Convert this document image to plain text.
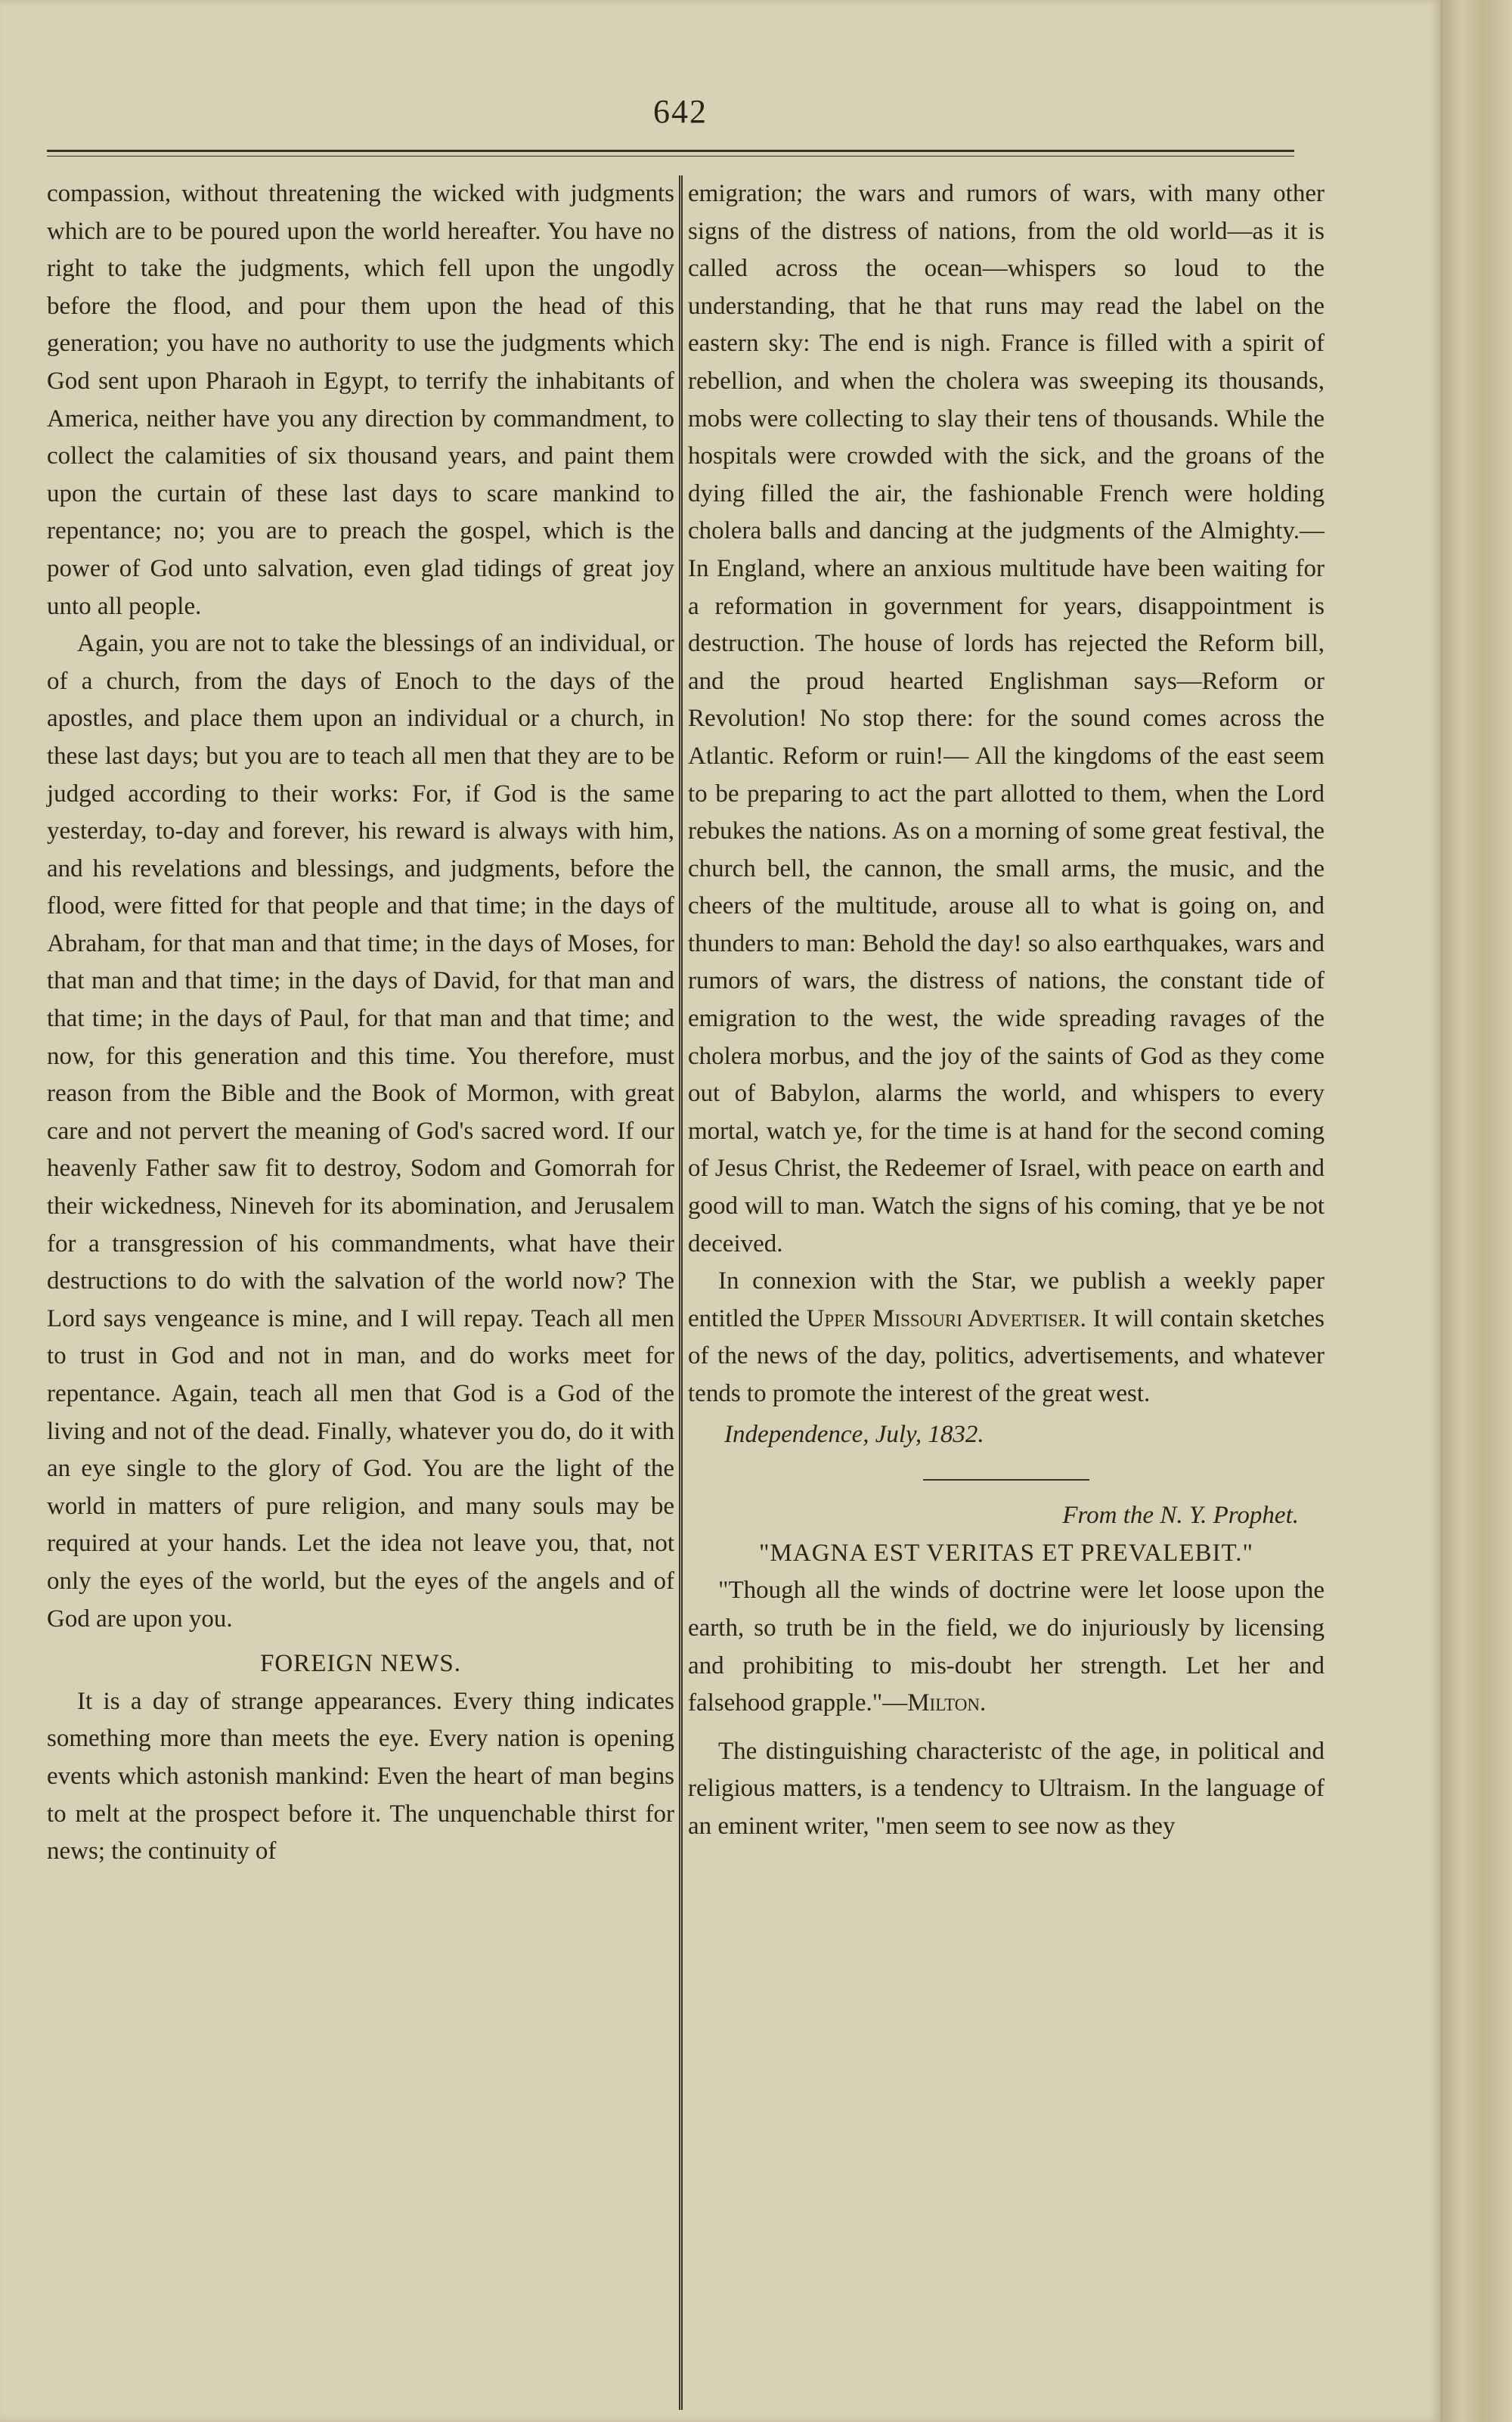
642

compassion, without threatening the wicked with judgments which are to be poured upon the world hereafter. You have no right to take the judgments, which fell upon the ungodly before the flood, and pour them upon the head of this generation; you have no authority to use the judgments which God sent upon Pharaoh in Egypt, to terrify the inhabitants of America, neither have you any direction by commandment, to collect the calamities of six thousand years, and paint them upon the curtain of these last days to scare mankind to repentance; no; you are to preach the gospel, which is the power of God unto salvation, even glad tidings of great joy unto all people.

Again, you are not to take the blessings of an individual, or of a church, from the days of Enoch to the days of the apostles, and place them upon an individual or a church, in these last days; but you are to teach all men that they are to be judged according to their works: For, if God is the same yesterday, to-day and forever, his reward is always with him, and his revelations and blessings, and judgments, before the flood, were fitted for that people and that time; in the days of Abraham, for that man and that time; in the days of Moses, for that man and that time; in the days of David, for that man and that time; in the days of Paul, for that man and that time; and now, for this generation and this time. You therefore, must reason from the Bible and the Book of Mormon, with great care and not pervert the meaning of God's sacred word. If our heavenly Father saw fit to destroy, Sodom and Gomorrah for their wickedness, Nineveh for its abomination, and Jerusalem for a transgression of his commandments, what have their destructions to do with the salvation of the world now? The Lord says vengeance is mine, and I will repay. Teach all men to trust in God and not in man, and do works meet for repentance. Again, teach all men that God is a God of the living and not of the dead. Finally, whatever you do, do it with an eye single to the glory of God. You are the light of the world in matters of pure religion, and many souls may be required at your hands. Let the idea not leave you, that, not only the eyes of the world, but the eyes of the angels and of God are upon you.

FOREIGN NEWS.

It is a day of strange appearances. Every thing indicates something more than meets the eye. Every nation is opening events which astonish mankind: Even the heart of man begins to melt at the prospect before it. The unquenchable thirst for news; the continuity of

emigration; the wars and rumors of wars, with many other signs of the distress of nations, from the old world—as it is called across the ocean—whispers so loud to the understanding, that he that runs may read the label on the eastern sky: The end is nigh. France is filled with a spirit of rebellion, and when the cholera was sweeping its thousands, mobs were collecting to slay their tens of thousands. While the hospitals were crowded with the sick, and the groans of the dying filled the air, the fashionable French were holding cholera balls and dancing at the judgments of the Almighty.— In England, where an anxious multitude have been waiting for a reformation in government for years, disappointment is destruction. The house of lords has rejected the Reform bill, and the proud hearted Englishman says—Reform or Revolution! No stop there: for the sound comes across the Atlantic. Reform or ruin!— All the kingdoms of the east seem to be preparing to act the part allotted to them, when the Lord rebukes the nations. As on a morning of some great festival, the church bell, the cannon, the small arms, the music, and the cheers of the multitude, arouse all to what is going on, and thunders to man: Behold the day! so also earthquakes, wars and rumors of wars, the distress of nations, the constant tide of emigration to the west, the wide spreading ravages of the cholera morbus, and the joy of the saints of God as they come out of Babylon, alarms the world, and whispers to every mortal, watch ye, for the time is at hand for the second coming of Jesus Christ, the Redeemer of Israel, with peace on earth and good will to man. Watch the signs of his coming, that ye be not deceived.

In connexion with the Star, we publish a weekly paper entitled the Upper Missouri Advertiser. It will contain sketches of the news of the day, politics, advertisements, and whatever tends to promote the interest of the great west.

Independence, July, 1832.

From the N. Y. Prophet.

"MAGNA EST VERITAS ET PREVALEBIT."

"Though all the winds of doctrine were let loose upon the earth, so truth be in the field, we do injuriously by licensing and prohibiting to mis-doubt her strength. Let her and falsehood grapple."—Milton.

The distinguishing characteristc of the age, in political and religious matters, is a tendency to Ultraism. In the language of an eminent writer, "men seem to see now as they
